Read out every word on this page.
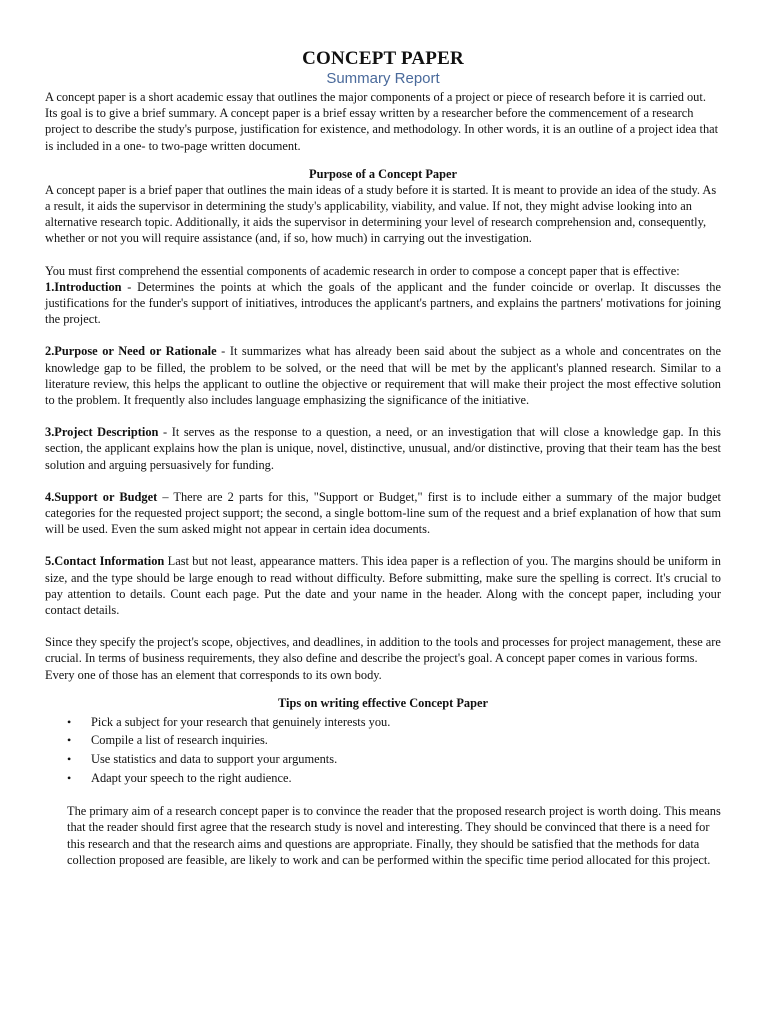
CONCEPT PAPER
Summary Report

A concept paper is a short academic essay that outlines the major components of a project or piece of research before it is carried out. Its goal is to give a brief summary. A concept paper is a brief essay written by a researcher before the commencement of a research project to describe the study's purpose, justification for existence, and methodology. In other words, it is an outline of a project idea that is included in a one- to two-page written document.

Purpose of a Concept Paper

A concept paper is a brief paper that outlines the main ideas of a study before it is started. It is meant to provide an idea of the study. As a result, it aids the supervisor in determining the study's applicability, viability, and value. If not, they might advise looking into an alternative research topic. Additionally, it aids the supervisor in determining your level of research comprehension and, consequently, whether or not you will require assistance (and, if so, how much) in carrying out the investigation.

You must first comprehend the essential components of academic research in order to compose a concept paper that is effective:

1.Introduction - Determines the points at which the goals of the applicant and the funder coincide or overlap. It discusses the justifications for the funder's support of initiatives, introduces the applicant's partners, and explains the partners' motivations for joining the project.

2.Purpose or Need or Rationale - It summarizes what has already been said about the subject as a whole and concentrates on the knowledge gap to be filled, the problem to be solved, or the need that will be met by the applicant's planned research. Similar to a literature review, this helps the applicant to outline the objective or requirement that will make their project the most effective solution to the problem. It frequently also includes language emphasizing the significance of the initiative.

3.Project Description - It serves as the response to a question, a need, or an investigation that will close a knowledge gap. In this section, the applicant explains how the plan is unique, novel, distinctive, unusual, and/or distinctive, proving that their team has the best solution and arguing persuasively for funding.

4.Support or Budget – There are 2 parts for this, "Support or Budget," first is to include either a summary of the major budget categories for the requested project support; the second, a single bottom-line sum of the request and a brief explanation of how that sum will be used. Even the sum asked might not appear in certain idea documents.

5.Contact Information Last but not least, appearance matters. This idea paper is a reflection of you. The margins should be uniform in size, and the type should be large enough to read without difficulty. Before submitting, make sure the spelling is correct. It's crucial to pay attention to details. Count each page. Put the date and your name in the header. Along with the concept paper, including your contact details.

Since they specify the project's scope, objectives, and deadlines, in addition to the tools and processes for project management, these are crucial. In terms of business requirements, they also define and describe the project's goal. A concept paper comes in various forms. Every one of those has an element that corresponds to its own body.

Tips on writing effective Concept Paper
• Pick a subject for your research that genuinely interests you.
• Compile a list of research inquiries.
• Use statistics and data to support your arguments.
• Adapt your speech to the right audience.

The primary aim of a research concept paper is to convince the reader that the proposed research project is worth doing. This means that the reader should first agree that the research study is novel and interesting. They should be convinced that there is a need for this research and that the research aims and questions are appropriate. Finally, they should be satisfied that the methods for data collection proposed are feasible, are likely to work and can be performed within the specific time period allocated for this project.
